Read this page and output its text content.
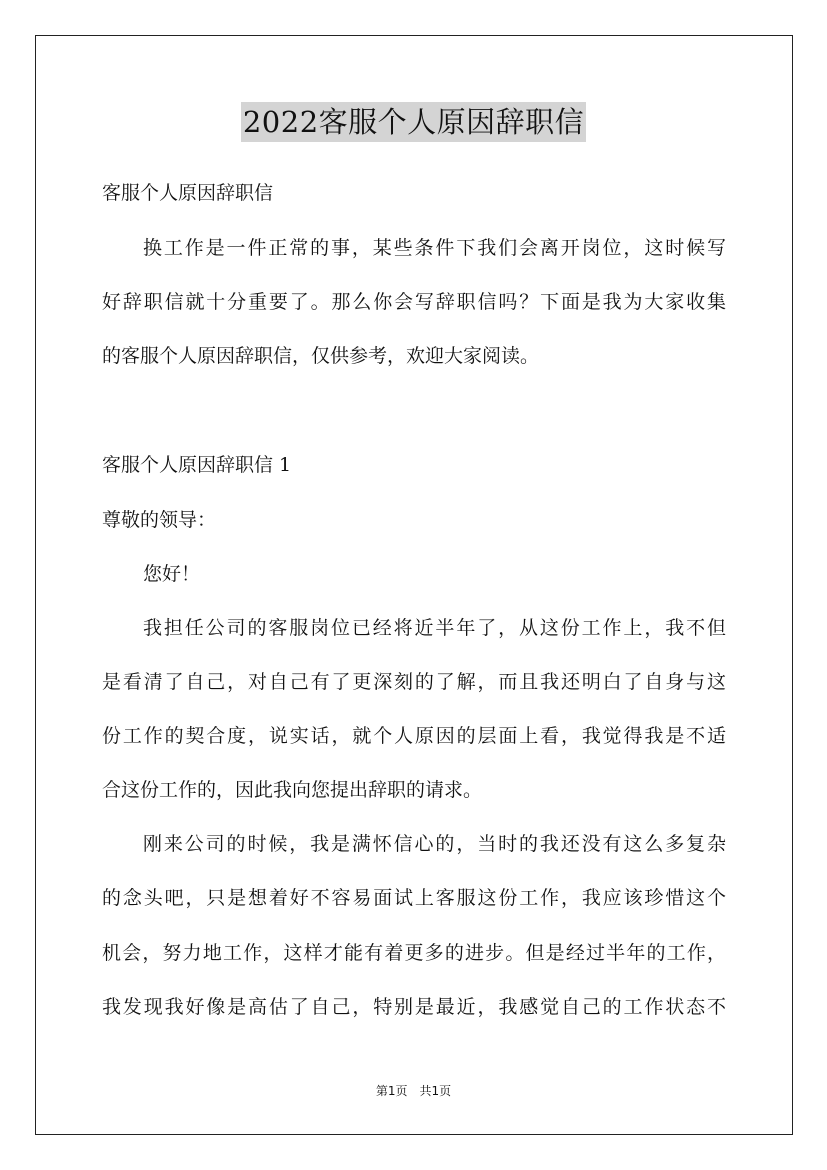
2022客服个人原因辞职信
客服个人原因辞职信
换工作是一件正常的事，某些条件下我们会离开岗位，这时候写
好辞职信就十分重要了。那么你会写辞职信吗？下面是我为大家收集
的客服个人原因辞职信，仅供参考，欢迎大家阅读。
客服个人原因辞职信 1
尊敬的领导：
您好！
我担任公司的客服岗位已经将近半年了，从这份工作上，我不但
是看清了自己，对自己有了更深刻的了解，而且我还明白了自身与这
份工作的契合度，说实话，就个人原因的层面上看，我觉得我是不适
合这份工作的，因此我向您提出辞职的请求。
刚来公司的时候，我是满怀信心的，当时的我还没有这么多复杂
的念头吧，只是想着好不容易面试上客服这份工作，我应该珍惜这个
机会，努力地工作，这样才能有着更多的进步。但是经过半年的工作，
我发现我好像是高估了自己，特别是最近，我感觉自己的工作状态不
第1页　共1页
